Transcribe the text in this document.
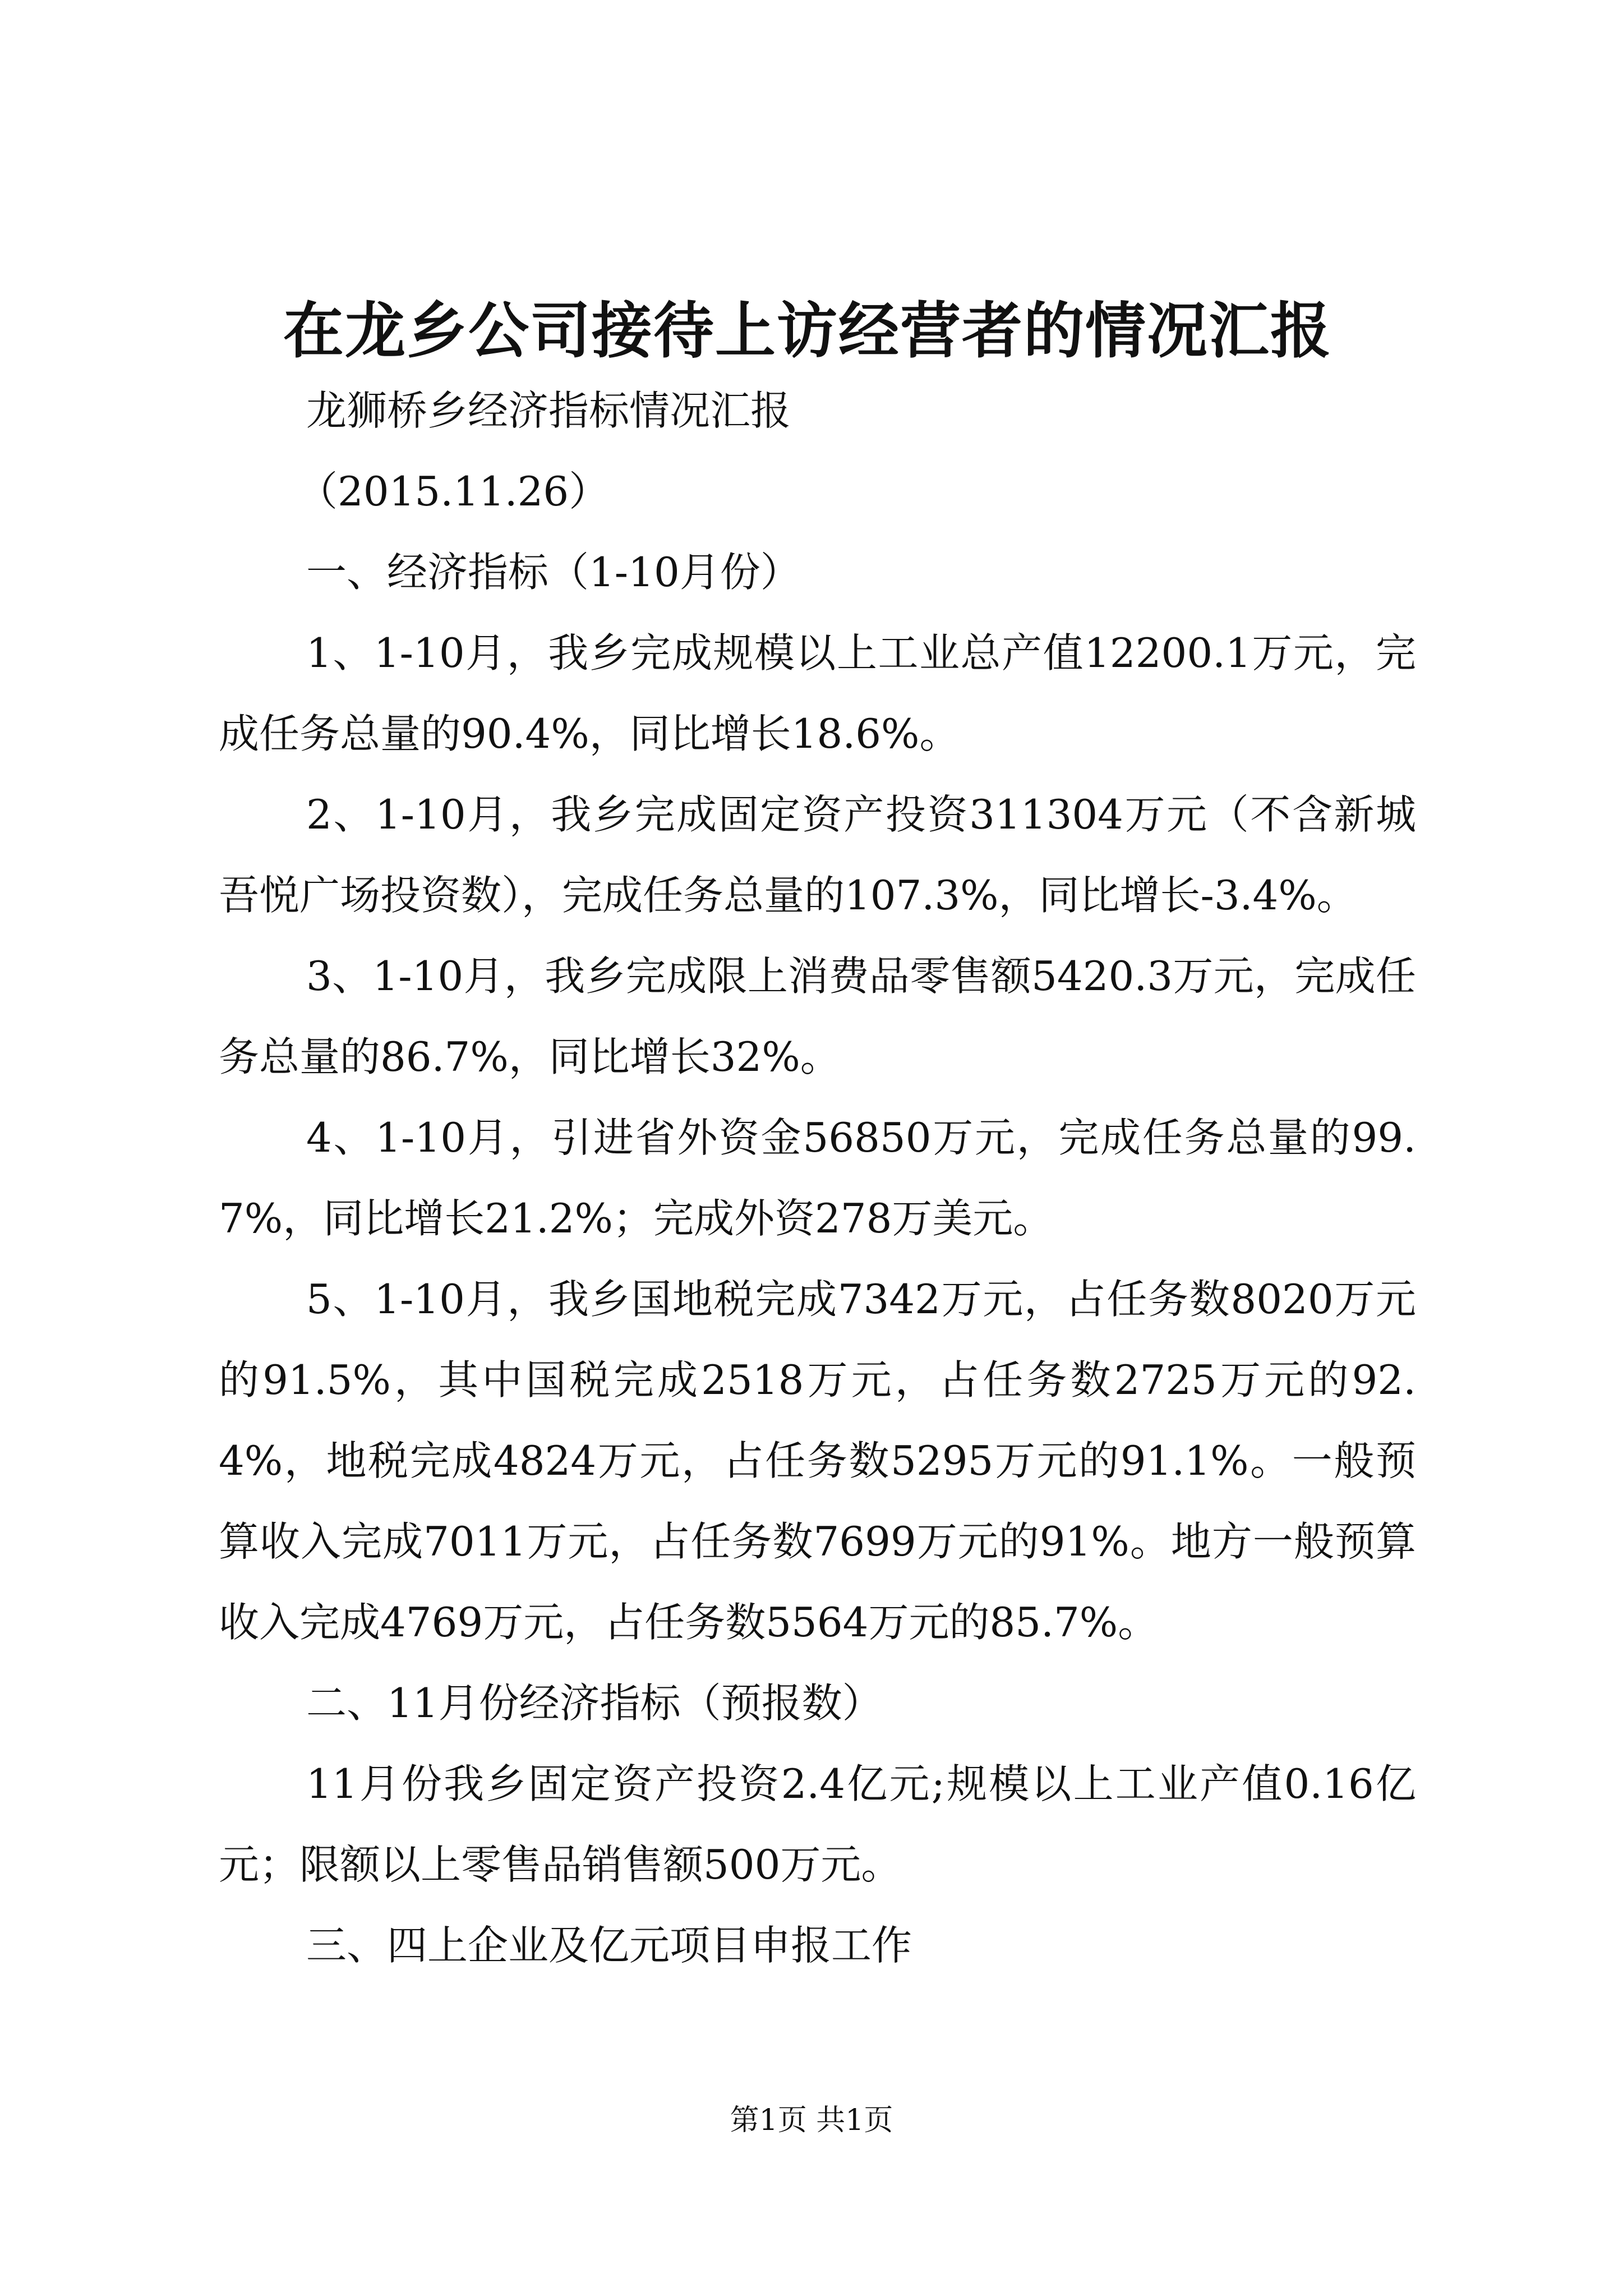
在龙乡公司接待上访经营者的情况汇报

龙狮桥乡经济指标情况汇报

（2015.11.26）

一、经济指标（1-10月份）

1、1-10月，我乡完成规模以上工业总产值12200.1万元，完成任务总量的90.4%，同比增长18.6%。

2、1-10月，我乡完成固定资产投资311304万元（不含新城吾悦广场投资数），完成任务总量的107.3%，同比增长-3.4%。

3、1-10月，我乡完成限上消费品零售额5420.3万元，完成任务总量的86.7%，同比增长32%。

4、1-10月，引进省外资金56850万元，完成任务总量的99.7%，同比增长21.2%；完成外资278万美元。

5、1-10月，我乡国地税完成7342万元，占任务数8020万元的91.5%，其中国税完成2518万元，占任务数2725万元的92.4%，地税完成4824万元，占任务数5295万元的91.1%。一般预算收入完成7011万元，占任务数7699万元的91%。地方一般预算收入完成4769万元，占任务数5564万元的85.7%。

二、11月份经济指标（预报数）

11月份我乡固定资产投资2.4亿元;规模以上工业产值0.16亿元；限额以上零售品销售额500万元。

三、四上企业及亿元项目申报工作

第1页 共1页
